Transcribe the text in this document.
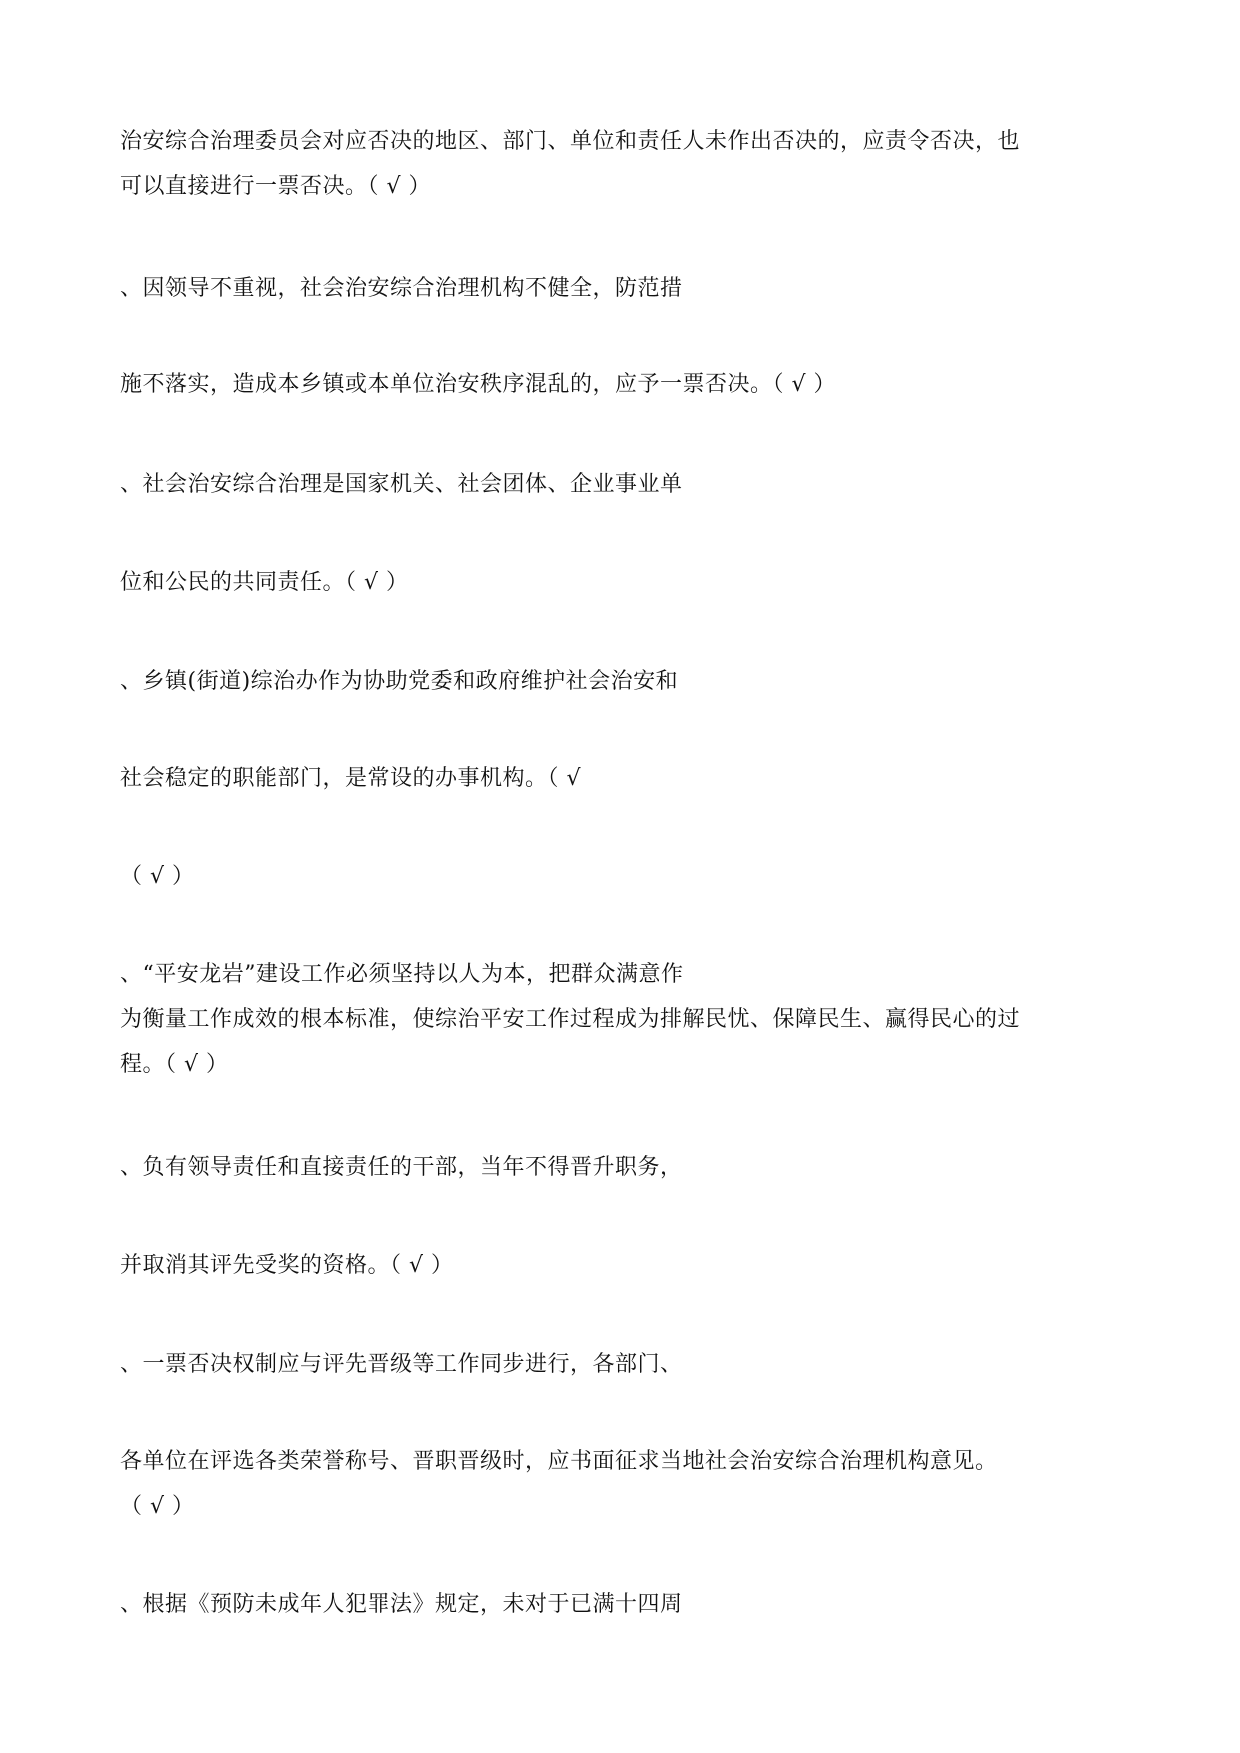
治安综合治理委员会对应否决的地区、部门、单位和责任人未作出否决的，应责令否决，也
可以直接进行一票否决。（ √ ）
、因领导不重视，社会治安综合治理机构不健全，防范措
施不落实，造成本乡镇或本单位治安秩序混乱的，应予一票否决。（ √ ）
、社会治安综合治理是国家机关、社会团体、企业事业单
位和公民的共同责任。（ √ ）
、乡镇(街道)综治办作为协助党委和政府维护社会治安和
社会稳定的职能部门，是常设的办事机构。（ √
（ √ ）
、“平安龙岩”建设工作必须坚持以人为本，把群众满意作
为衡量工作成效的根本标准，使综治平安工作过程成为排解民忧、保障民生、赢得民心的过
程。（ √ ）
、负有领导责任和直接责任的干部，当年不得晋升职务，
并取消其评先受奖的资格。（ √ ）
、一票否决权制应与评先晋级等工作同步进行，各部门、
各单位在评选各类荣誉称号、晋职晋级时，应书面征求当地社会治安综合治理机构意见。
（ √ ）
、根据《预防未成年人犯罪法》规定，未对于已满十四周
